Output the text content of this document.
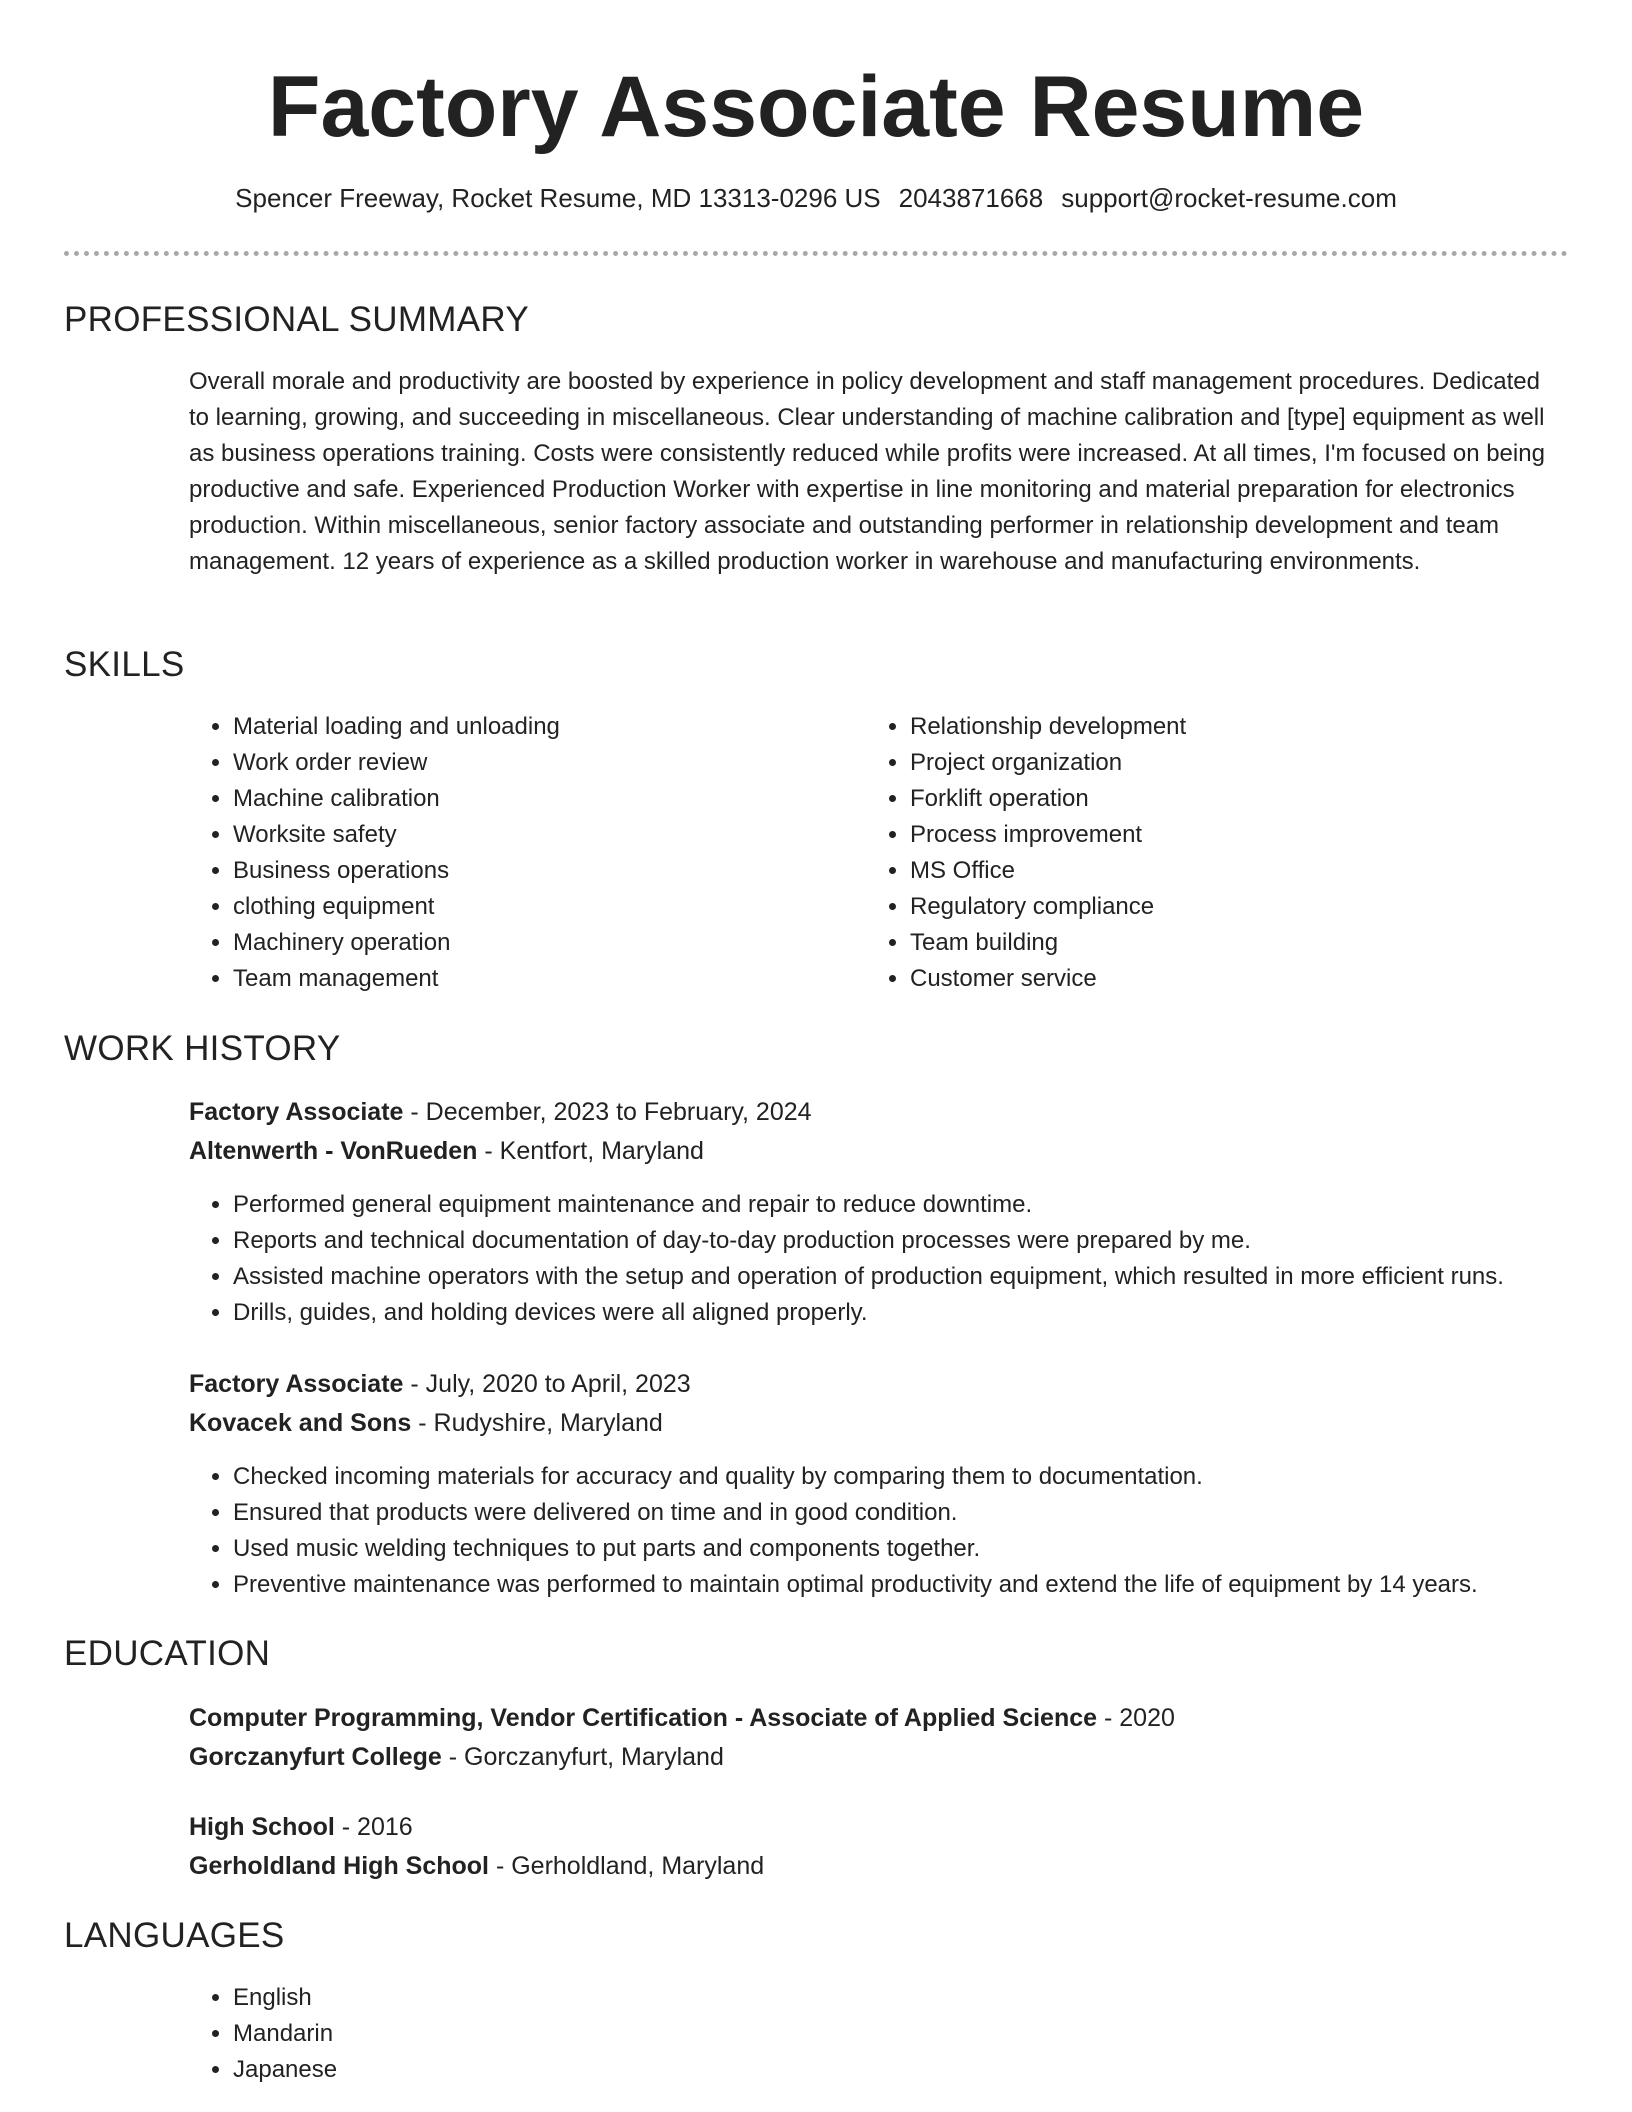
Factory Associate Resume
Spencer Freeway, Rocket Resume, MD 13313-0296 US 2043871668 support@rocket-resume.com
PROFESSIONAL SUMMARY

Overall morale and productivity are boosted by experience in policy development and staff management procedures. Dedicated to learning, growing, and succeeding in miscellaneous. Clear understanding of machine calibration and [type] equipment as well as business operations training. Costs were consistently reduced while profits were increased. At all times, I'm focused on being productive and safe. Experienced Production Worker with expertise in line monitoring and material preparation for electronics production. Within miscellaneous, senior factory associate and outstanding performer in relationship development and team management. 12 years of experience as a skilled production worker in warehouse and manufacturing environments.

SKILLS
• Material loading and unloading
• Work order review
• Machine calibration
• Worksite safety
• Business operations
• clothing equipment
• Machinery operation
• Team management
• Relationship development
• Project organization
• Forklift operation
• Process improvement
• MS Office
• Regulatory compliance
• Team building
• Customer service
WORK HISTORY

Factory Associate - December, 2023 to February, 2024

Altenwerth - VonRueden - Kentfort, Maryland

• Performed general equipment maintenance and repair to reduce downtime.
• Reports and technical documentation of day-to-day production processes were prepared by me.
• Assisted machine operators with the setup and operation of production equipment, which resulted in more efficient runs.
• Drills, guides, and holding devices were all aligned properly.

Factory Associate - July, 2020 to April, 2023

Kovacek and Sons - Rudyshire, Maryland

• Checked incoming materials for accuracy and quality by comparing them to documentation.
• Ensured that products were delivered on time and in good condition.
• Used music welding techniques to put parts and components together.
• Preventive maintenance was performed to maintain optimal productivity and extend the life of equipment by 14 years.
EDUCATION

Computer Programming, Vendor Certification - Associate of Applied Science - 2020

Gorczanyfurt College - Gorczanyfurt, Maryland

High School - 2016

Gerholdland High School - Gerholdland, Maryland

LANGUAGES
• English
• Mandarin
• Japanese
